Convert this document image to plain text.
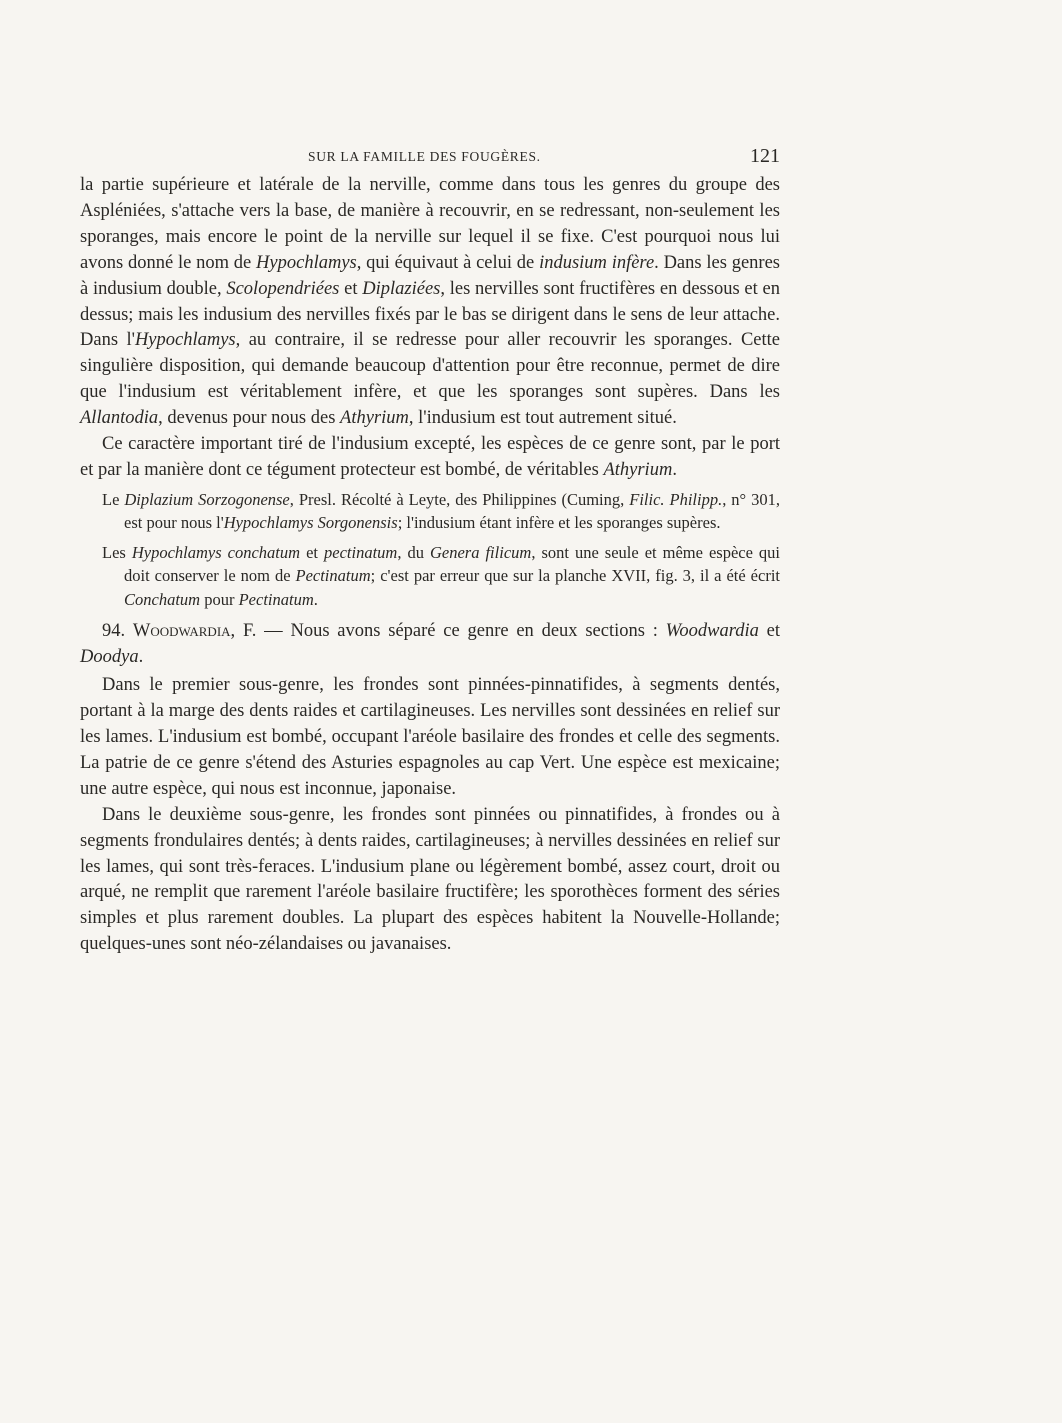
SUR LA FAMILLE DES FOUGÈRES.	121

la partie supérieure et latérale de la nerville, comme dans tous les genres du groupe des Aspléniées, s'attache vers la base, de manière à recouvrir, en se redressant, non-seulement les sporanges, mais encore le point de la nerville sur lequel il se fixe. C'est pourquoi nous lui avons donné le nom de Hypochlamys, qui équivaut à celui de indusium infère. Dans les genres à indusium double, Scolopendriées et Diplaziées, les nervilles sont fructifères en dessous et en dessus; mais les indusium des nervilles fixés par le bas se dirigent dans le sens de leur attache. Dans l'Hypochlamys, au contraire, il se redresse pour aller recouvrir les sporanges. Cette singulière disposition, qui demande beaucoup d'attention pour être reconnue, permet de dire que l'indusium est véritablement infère, et que les sporanges sont supères. Dans les Allantodia, devenus pour nous des Athyrium, l'indusium est tout autrement situé.

Ce caractère important tiré de l'indusium excepté, les espèces de ce genre sont, par le port et par la manière dont ce tégument protecteur est bombé, de véritables Athyrium.

Le Diplazium Sorzogonense, Presl. Récolté à Leyte, des Philippines (Cuming, Filic. Philipp., n° 301, est pour nous l'Hypochlamys Sorgonensis; l'indusium étant infère et les sporanges supères.
Les Hypochlamys conchatum et pectinatum, du Genera filicum, sont une seule et même espèce qui doit conserver le nom de Pectinatum; c'est par erreur que sur la planche XVII, fig. 3, il a été écrit Conchatum pour Pectinatum.

94. Woodwardia, F. — Nous avons séparé ce genre en deux sections : Woodwardia et Doodya.

Dans le premier sous-genre, les frondes sont pinnées-pinnatifides, à segments dentés, portant à la marge des dents raides et cartilagineuses. Les nervilles sont dessinées en relief sur les lames. L'indusium est bombé, occupant l'aréole basilaire des frondes et celle des segments. La patrie de ce genre s'étend des Asturies espagnoles au cap Vert. Une espèce est mexicaine; une autre espèce, qui nous est inconnue, japonaise.

Dans le deuxième sous-genre, les frondes sont pinnées ou pinnatifides, à frondes ou à segments frondulaires dentés; à dents raides, cartilagineuses; à nervilles dessinées en relief sur les lames, qui sont très-feraces. L'indusium plane ou légèrement bombé, assez court, droit ou arqué, ne remplit que rarement l'aréole basilaire fructifère; les sporothèces forment des séries simples et plus rarement doubles. La plupart des espèces habitent la Nouvelle-Hollande; quelques-unes sont néo-zélandaises ou javanaises.
